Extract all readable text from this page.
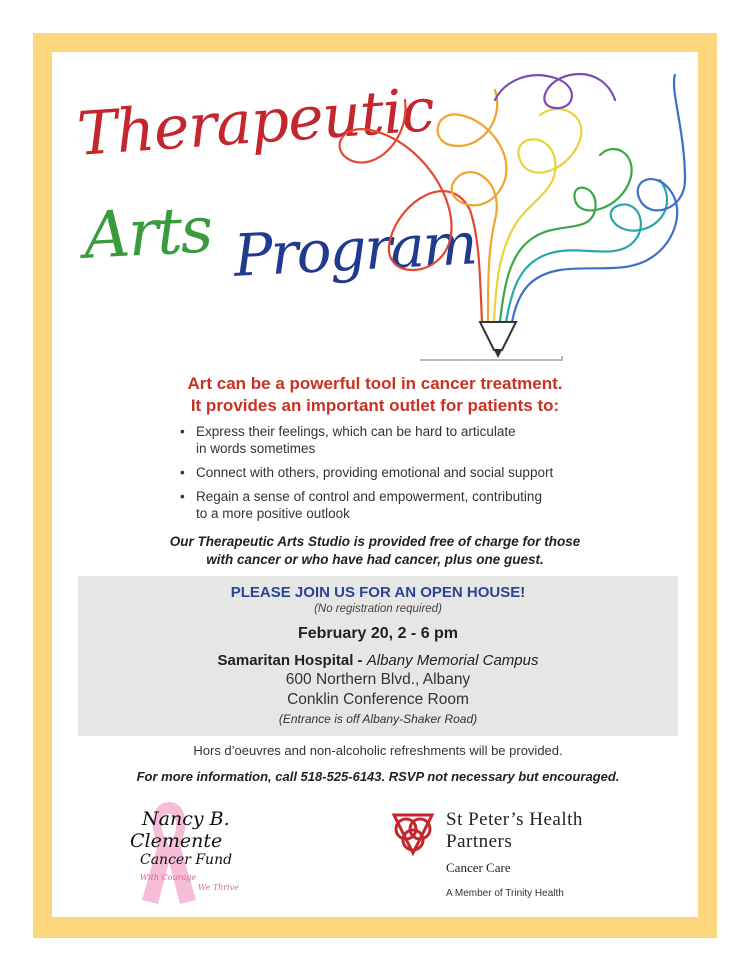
Therapeutic
Arts Program
Art can be a powerful tool in cancer treatment.
It provides an important outlet for patients to:
• Express their feelings, which can be hard to articulate
in words sometimes
• Connect with others, providing emotional and social support
• Regain a sense of control and empowerment, contributing
to a more positive outlook
Our Therapeutic Arts Studio is provided free of charge for those
with cancer or who have had cancer, plus one guest.
PLEASE JOIN US FOR AN OPEN HOUSE!
(No registration required)
February 20, 2 - 6 pm
Samaritan Hospital - Albany Memorial Campus
600 Northern Blvd., Albany
Conklin Conference Room
(Entrance is off Albany-Shaker Road)
Hors d’oeuvres and non-alcoholic refreshments will be provided.
For more information, call 518-525-6143. RSVP not necessary but encouraged.
Nancy B.
Clemente
Cancer Fund
With Courage
We Thrive
St Peter’s Health
Partners
Cancer Care
A Member of Trinity Health
